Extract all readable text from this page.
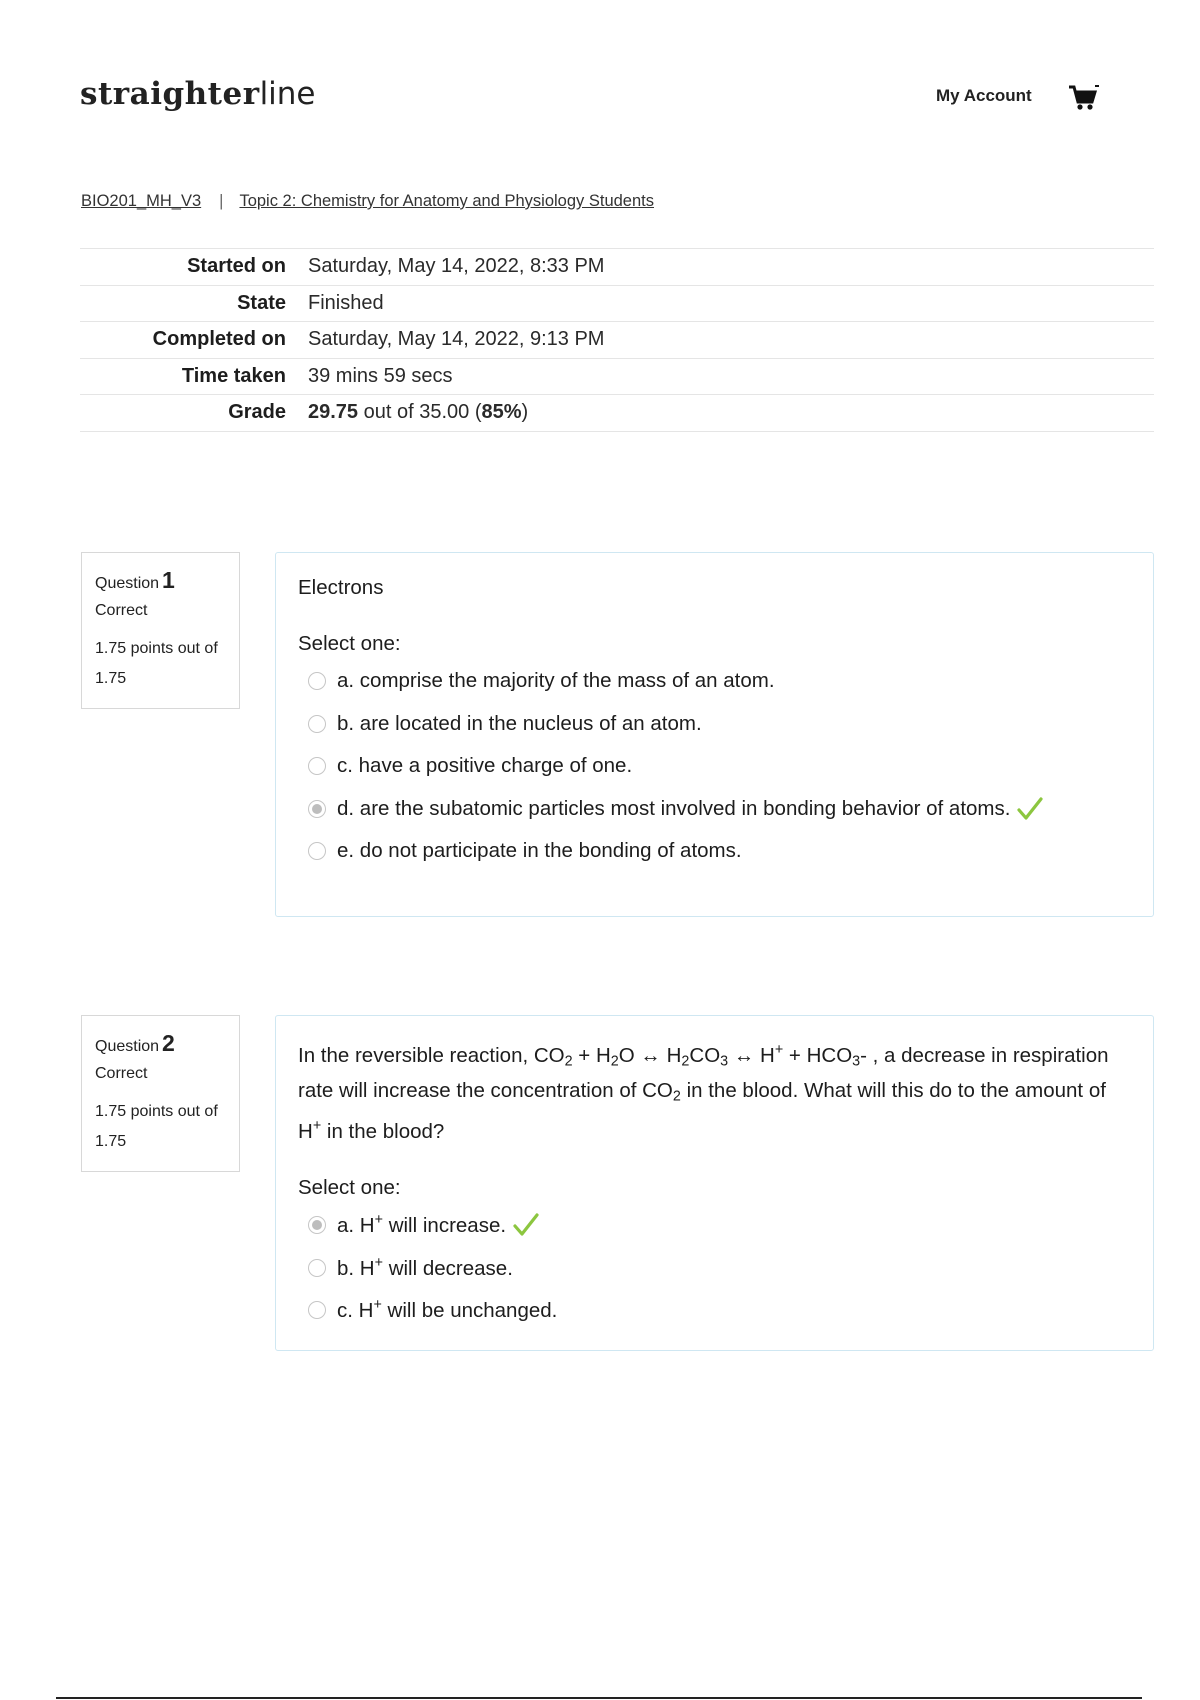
straighterline	My Account
BIO201_MH_V3 | Topic 2: Chemistry for Anatomy and Physiology Students
Started on	Saturday, May 14, 2022, 8:33 PM
State	Finished
Completed on	Saturday, May 14, 2022, 9:13 PM
Time taken	39 mins 59 secs
Grade	29.75 out of 35.00 (85%)
Question 1
Correct
1.75 points out of 1.75
Electrons
Select one:
a. comprise the majority of the mass of an atom.
b. are located in the nucleus of an atom.
c. have a positive charge of one.
d. are the subatomic particles most involved in bonding behavior of atoms.
e. do not participate in the bonding of atoms.
Question 2
Correct
1.75 points out of 1.75
In the reversible reaction, $CO_2 + H_2O$ ↔ $H_2CO_3$ ↔ $H^+ + HCO_3-$ , a decrease in respiration rate will increase the concentration of $CO_2$ in the blood. What will this do to the amount of H+ in the blood?
Select one:
a. H+ will increase.
b. H+ will decrease.
c. H+ will be unchanged.
